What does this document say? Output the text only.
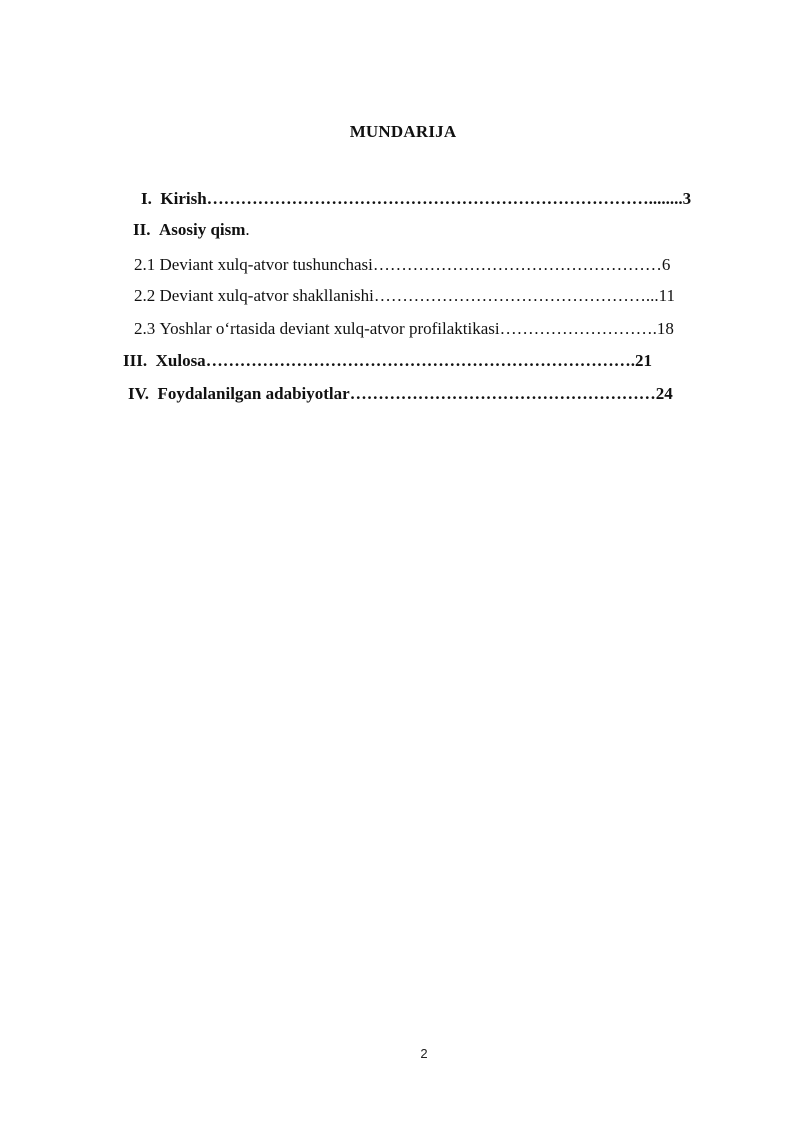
MUNDARIJA
I. Kirish……………………………………………………………………........3
II. Asosiy qism.
2.1 Deviant xulq-atvor tushunchasi……………………………………………6
2.2 Deviant xulq-atvor shakllanishi…………………………………………...11
2.3 Yoshlar o‘rtasida deviant xulq-atvor profilaktikasi……………………….18
III. Xulosa………………………………………………………………….21
IV. Foydalanilgan adabiyotlar………………………………………………24
2
